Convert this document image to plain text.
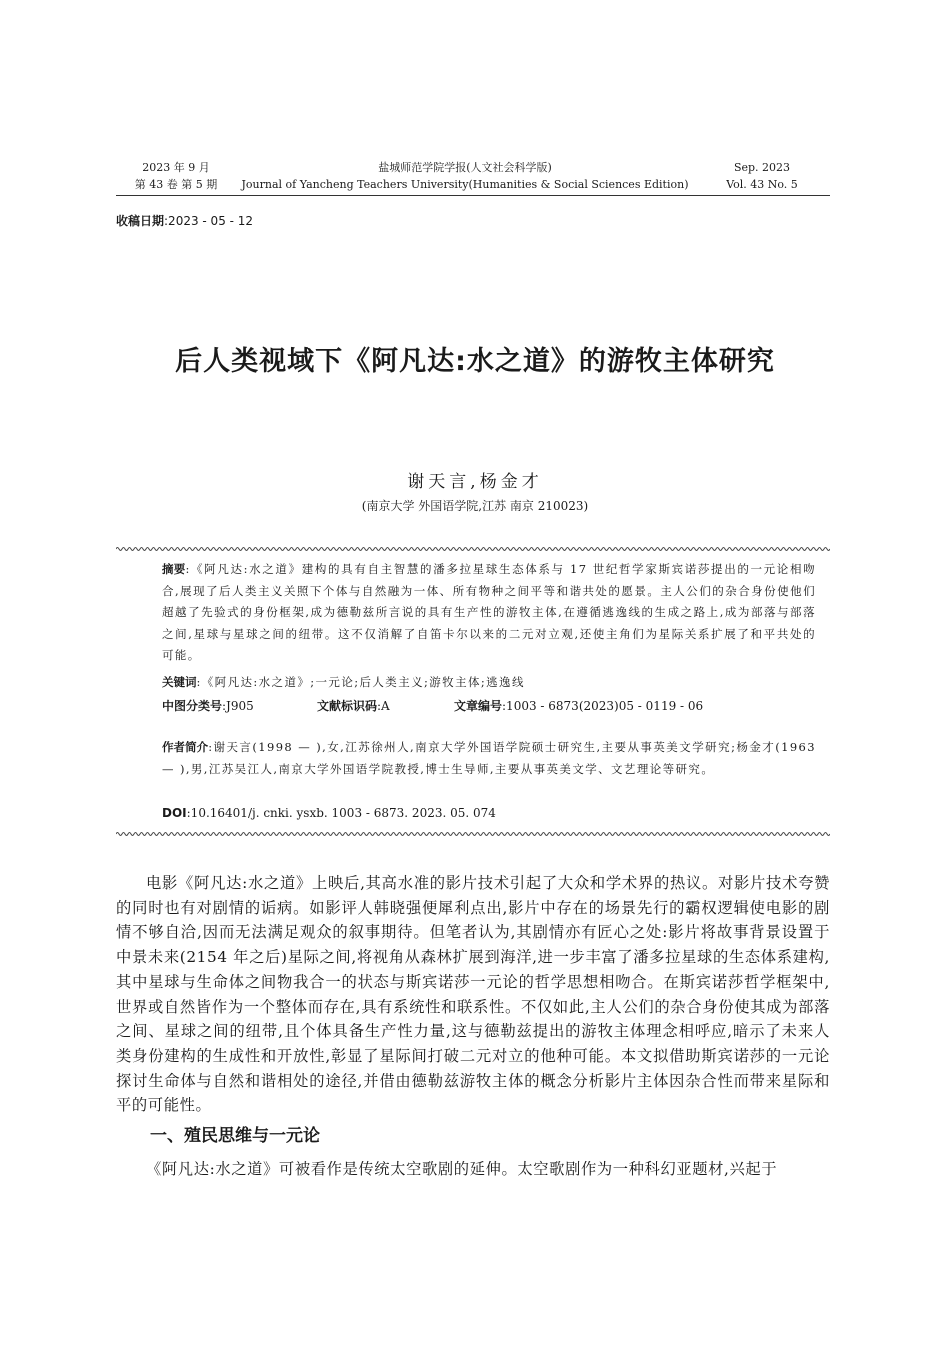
2023 年 9 月
第 43 卷 第 5 期
盐城师范学院学报(人文社会科学版)
Journal of Yancheng Teachers University(Humanities & Social Sciences Edition)
Sep. 2023
Vol. 43 No. 5
收稿日期:2023 - 05 - 12
后人类视域下《阿凡达:水之道》的游牧主体研究
谢天言,杨金才
(南京大学 外国语学院,江苏 南京 210023)
摘要:《阿凡达:水之道》建构的具有自主智慧的潘多拉星球生态体系与 17 世纪哲学家斯宾诺莎提出的一元论相吻合,展现了后人类主义关照下个体与自然融为一体、所有物种之间平等和谐共处的愿景。主人公们的杂合身份使他们超越了先验式的身份框架,成为德勒兹所言说的具有生产性的游牧主体,在遵循逃逸线的生成之路上,成为部落与部落之间,星球与星球之间的纽带。这不仅消解了自笛卡尔以来的二元对立观,还使主角们为星际关系扩展了和平共处的可能。
关键词:《阿凡达:水之道》;一元论;后人类主义;游牧主体;逃逸线
中图分类号:J905	文献标识码:A	文章编号:1003 - 6873(2023)05 - 0119 - 06
作者简介:谢天言(1998 — ),女,江苏徐州人,南京大学外国语学院硕士研究生,主要从事英美文学研究;杨金才(1963 — ),男,江苏吴江人,南京大学外国语学院教授,博士生导师,主要从事英美文学、文艺理论等研究。
DOI:10.16401/j. cnki. ysxb. 1003 - 6873. 2023. 05. 074

电影《阿凡达:水之道》上映后,其高水准的影片技术引起了大众和学术界的热议。对影片技术夸赞的同时也有对剧情的诟病。如影评人韩晓强便犀利点出,影片中存在的场景先行的霸权逻辑使电影的剧情不够自洽,因而无法满足观众的叙事期待。但笔者认为,其剧情亦有匠心之处:影片将故事背景设置于中景未来(2154 年之后)星际之间,将视角从森林扩展到海洋,进一步丰富了潘多拉星球的生态体系建构,其中星球与生命体之间物我合一的状态与斯宾诺莎一元论的哲学思想相吻合。在斯宾诺莎哲学框架中,世界或自然皆作为一个整体而存在,具有系统性和联系性。不仅如此,主人公们的杂合身份使其成为部落之间、星球之间的纽带,且个体具备生产性力量,这与德勒兹提出的游牧主体理念相呼应,暗示了未来人类身份建构的生成性和开放性,彰显了星际间打破二元对立的他种可能。本文拟借助斯宾诺莎的一元论探讨生命体与自然和谐相处的途径,并借由德勒兹游牧主体的概念分析影片主体因杂合性而带来星际和平的可能性。

一、殖民思维与一元论
《阿凡达:水之道》可被看作是传统太空歌剧的延伸。太空歌剧作为一种科幻亚题材,兴起于
